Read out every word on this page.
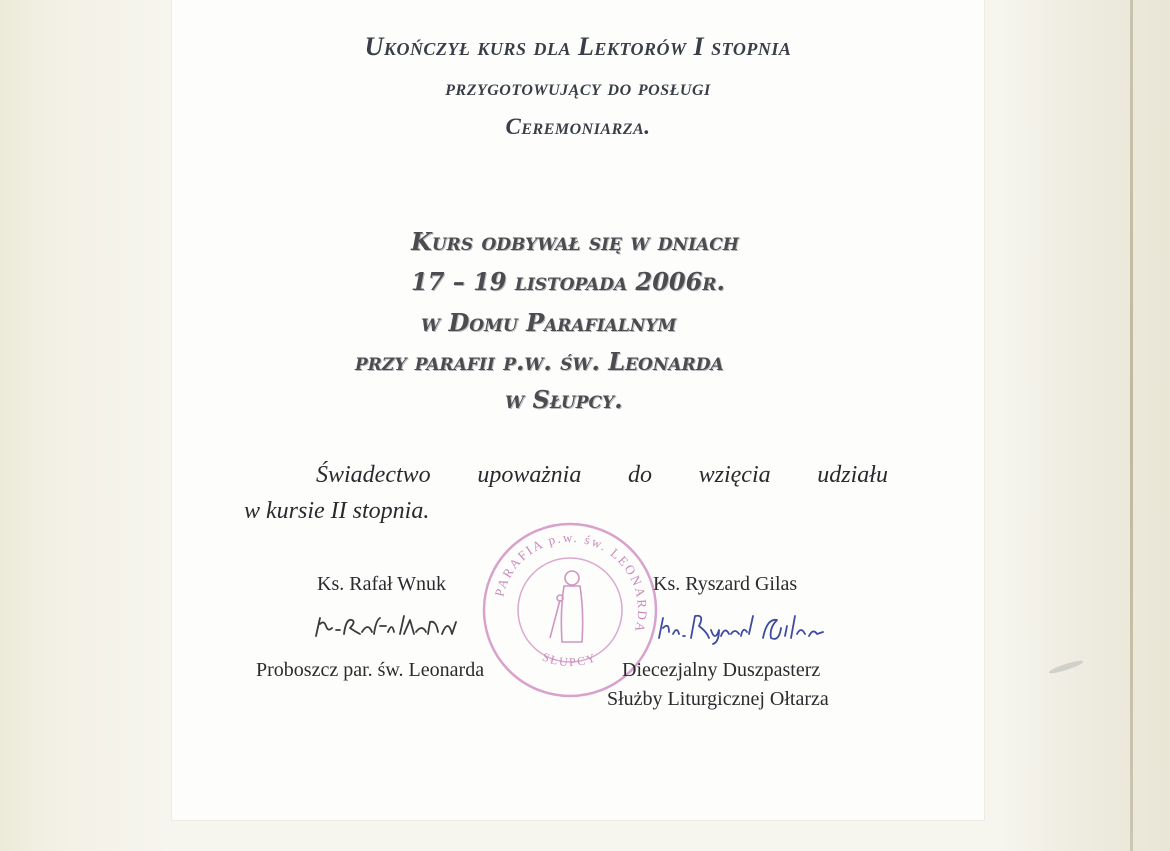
Ukończył kurs dla Lektorów I stopnia
przygotowujący do posługi
Ceremoniarza.
Kurs odbywał się w dniach
17 – 19 listopada 2006r.
w Domu Parafialnym
przy parafii p.w. św. Leonarda
w Słupcy.
Świadectwo upoważnia do wzięcia udziału
w kursie II stopnia.
PARAFIA p.w. św. LEONARDA
SŁUPCY
Ks. Rafał Wnuk	Ks. Ryszard Gilas
Proboszcz par. św. Leonarda	Diecezjalny Duszpasterz
Służby Liturgicznej Ołtarza
